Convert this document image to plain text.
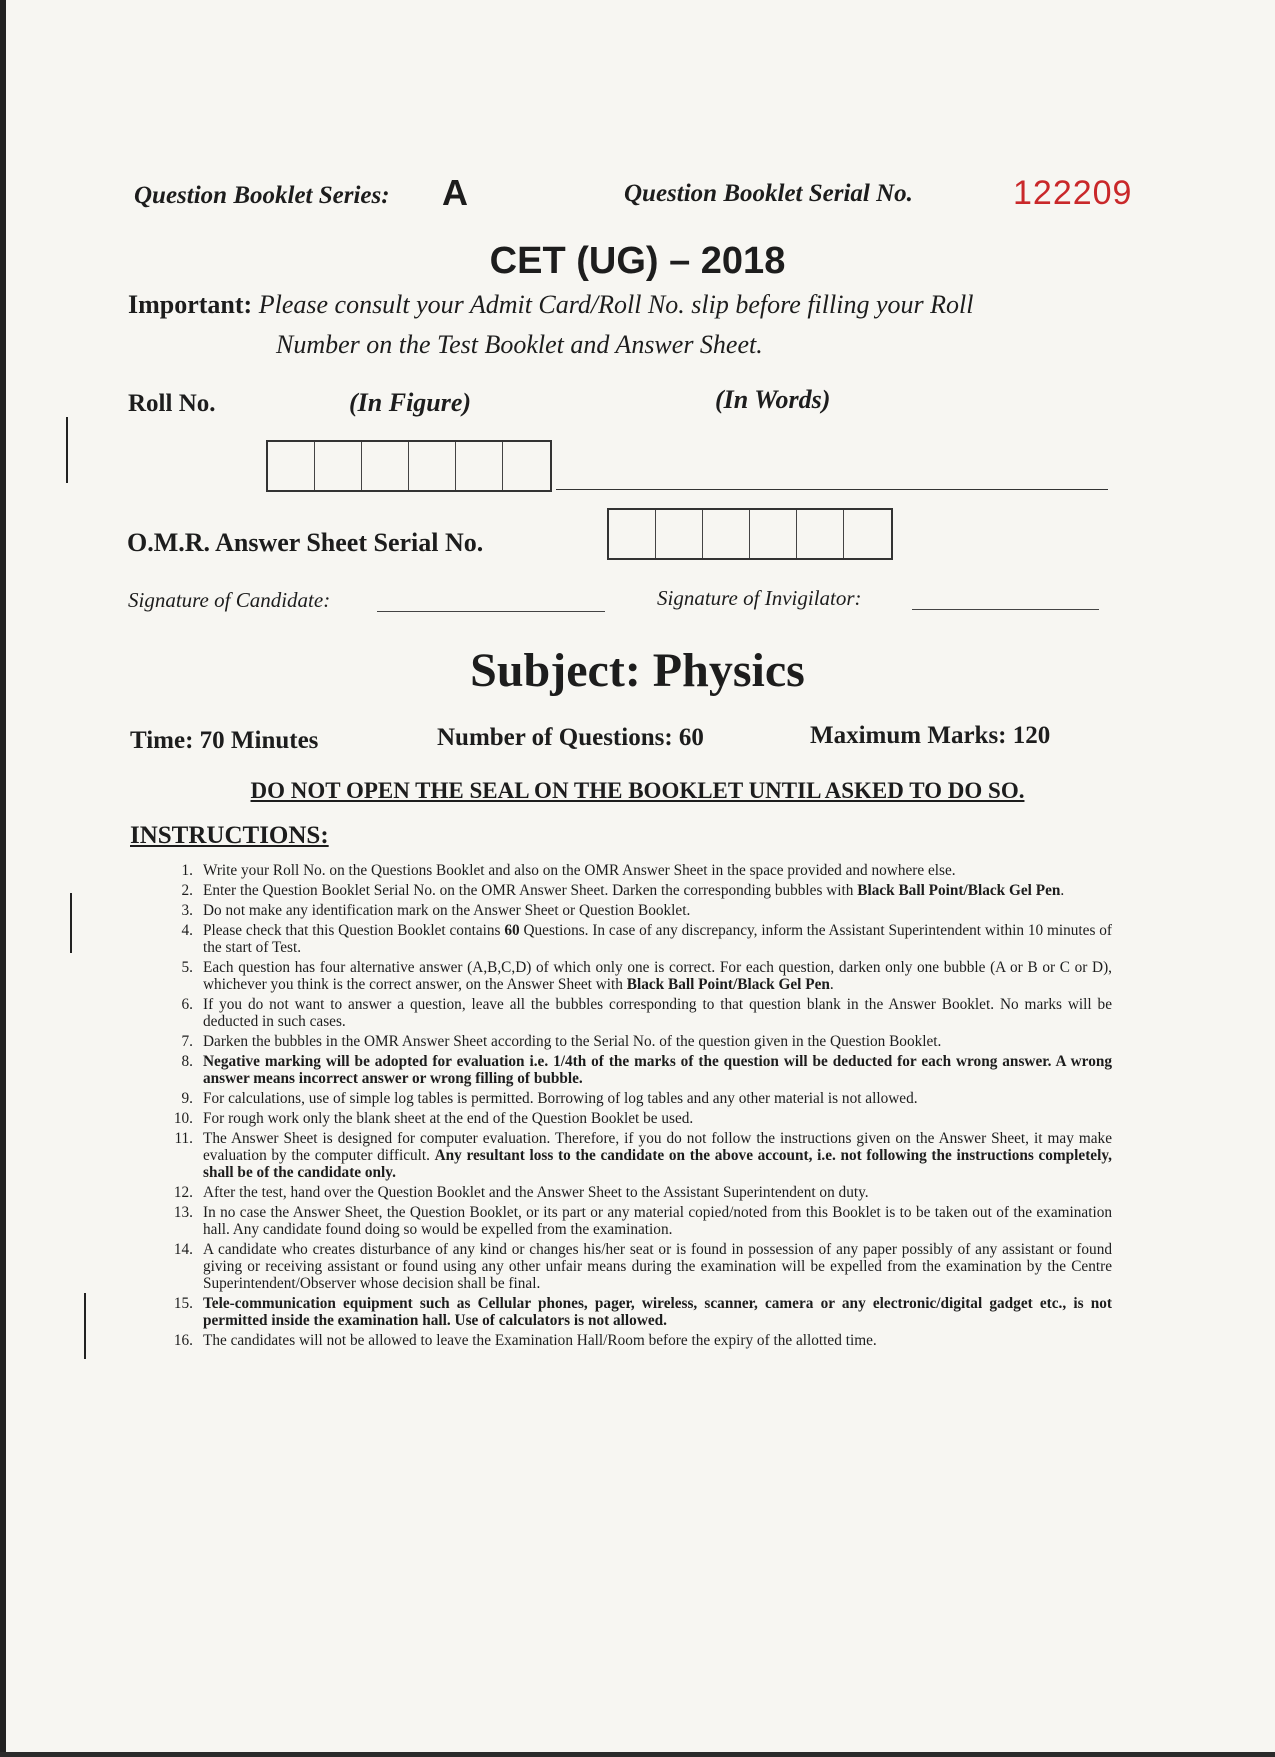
Question Booklet Series: A	Question Booklet Serial No.	122209
CET (UG) – 2018
Important: Please consult your Admit Card/Roll No. slip before filling your Roll
Number on the Test Booklet and Answer Sheet.
Roll No.	(In Figure)	(In Words)
O.M.R. Answer Sheet Serial No.
Signature of Candidate:	Signature of Invigilator:
Subject: Physics
Time: 70 Minutes	Number of Questions: 60	Maximum Marks: 120
DO NOT OPEN THE SEAL ON THE BOOKLET UNTIL ASKED TO DO SO.
INSTRUCTIONS:
1. Write your Roll No. on the Questions Booklet and also on the OMR Answer Sheet in the space provided and nowhere else.
2. Enter the Question Booklet Serial No. on the OMR Answer Sheet. Darken the corresponding bubbles with Black Ball Point/Black Gel Pen.
3. Do not make any identification mark on the Answer Sheet or Question Booklet.
4. Please check that this Question Booklet contains 60 Questions. In case of any discrepancy, inform the Assistant Superintendent within 10 minutes of the start of Test.
5. Each question has four alternative answer (A,B,C,D) of which only one is correct. For each question, darken only one bubble (A or B or C or D), whichever you think is the correct answer, on the Answer Sheet with Black Ball Point/Black Gel Pen.
6. If you do not want to answer a question, leave all the bubbles corresponding to that question blank in the Answer Booklet. No marks will be deducted in such cases.
7. Darken the bubbles in the OMR Answer Sheet according to the Serial No. of the question given in the Question Booklet.
8. Negative marking will be adopted for evaluation i.e. 1/4th of the marks of the question will be deducted for each wrong answer. A wrong answer means incorrect answer or wrong filling of bubble.
9. For calculations, use of simple log tables is permitted. Borrowing of log tables and any other material is not allowed.
10. For rough work only the blank sheet at the end of the Question Booklet be used.
11. The Answer Sheet is designed for computer evaluation. Therefore, if you do not follow the instructions given on the Answer Sheet, it may make evaluation by the computer difficult. Any resultant loss to the candidate on the above account, i.e. not following the instructions completely, shall be of the candidate only.
12. After the test, hand over the Question Booklet and the Answer Sheet to the Assistant Superintendent on duty.
13. In no case the Answer Sheet, the Question Booklet, or its part or any material copied/noted from this Booklet is to be taken out of the examination hall. Any candidate found doing so would be expelled from the examination.
14. A candidate who creates disturbance of any kind or changes his/her seat or is found in possession of any paper possibly of any assistant or found giving or receiving assistant or found using any other unfair means during the examination will be expelled from the examination by the Centre Superintendent/Observer whose decision shall be final.
15. Tele-communication equipment such as Cellular phones, pager, wireless, scanner, camera or any electronic/digital gadget etc., is not permitted inside the examination hall. Use of calculators is not allowed.
16. The candidates will not be allowed to leave the Examination Hall/Room before the expiry of the allotted time.
